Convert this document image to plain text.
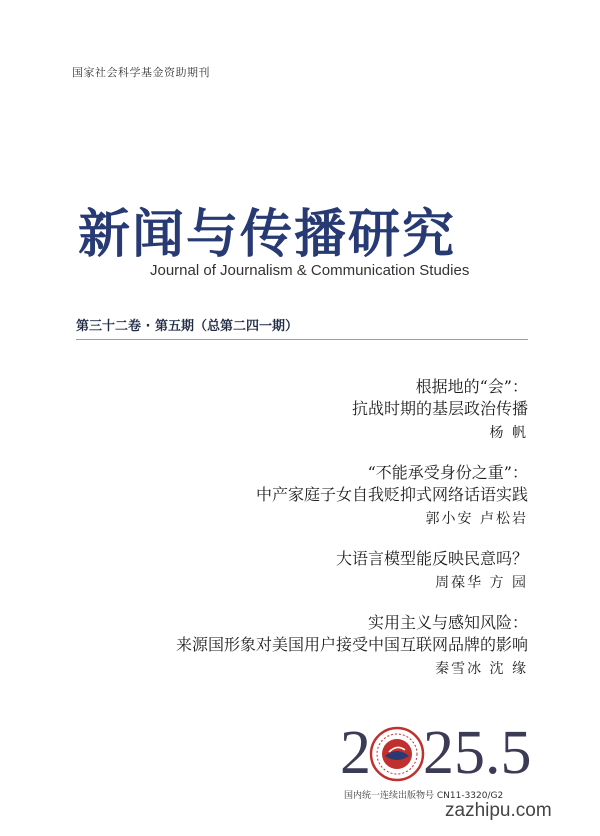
国家社会科学基金资助期刊
新闻与传播研究
Journal of Journalism & Communication Studies
第三十二卷 · 第五期（总第二四一期）
根据地的“会”：
抗战时期的基层政治传播
杨 帆
“不能承受身份之重”：
中产家庭子女自我贬抑式网络话语实践
郭小安 卢松岩
大语言模型能反映民意吗？
周葆华 方 园
实用主义与感知风险：
来源国形象对美国用户接受中国互联网品牌的影响
秦雪冰 沈 缘
2 25.5
国内统一连续出版物号 CN11-3320/G2
zazhipu.com
